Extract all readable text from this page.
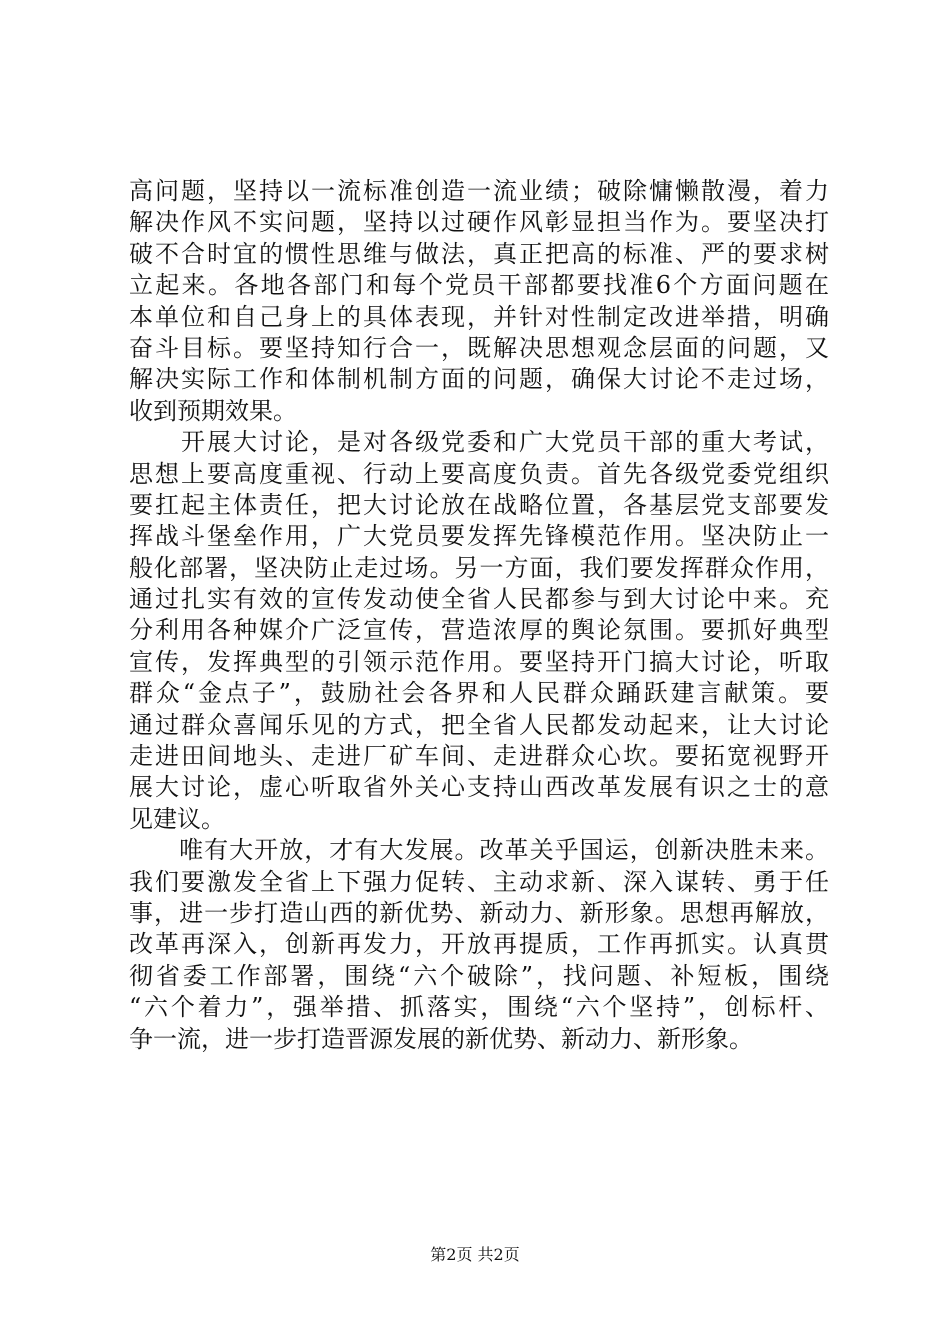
高问题，坚持以一流标准创造一流业绩；破除慵懒散漫，着力
解决作风不实问题，坚持以过硬作风彰显担当作为。要坚决打
破不合时宜的惯性思维与做法，真正把高的标准、严的要求树
立起来。各地各部门和每个党员干部都要找准6个方面问题在
本单位和自己身上的具体表现，并针对性制定改进举措，明确
奋斗目标。要坚持知行合一，既解决思想观念层面的问题，又
解决实际工作和体制机制方面的问题，确保大讨论不走过场，
收到预期效果。
　　开展大讨论，是对各级党委和广大党员干部的重大考试，
思想上要高度重视、行动上要高度负责。首先各级党委党组织
要扛起主体责任，把大讨论放在战略位置，各基层党支部要发
挥战斗堡垒作用，广大党员要发挥先锋模范作用。坚决防止一
般化部署，坚决防止走过场。另一方面，我们要发挥群众作用，
通过扎实有效的宣传发动使全省人民都参与到大讨论中来。充
分利用各种媒介广泛宣传，营造浓厚的舆论氛围。要抓好典型
宣传，发挥典型的引领示范作用。要坚持开门搞大讨论，听取
群众“金点子”，鼓励社会各界和人民群众踊跃建言献策。要
通过群众喜闻乐见的方式，把全省人民都发动起来，让大讨论
走进田间地头、走进厂矿车间、走进群众心坎。要拓宽视野开
展大讨论，虚心听取省外关心支持山西改革发展有识之士的意
见建议。
　　唯有大开放，才有大发展。改革关乎国运，创新决胜未来。
我们要激发全省上下强力促转、主动求新、深入谋转、勇于任
事，进一步打造山西的新优势、新动力、新形象。思想再解放，
改革再深入，创新再发力，开放再提质，工作再抓实。认真贯
彻省委工作部署，围绕“六个破除”，找问题、补短板，围绕
“六个着力”，强举措、抓落实，围绕“六个坚持”，创标杆、
争一流，进一步打造晋源发展的新优势、新动力、新形象。
第2页 共2页
